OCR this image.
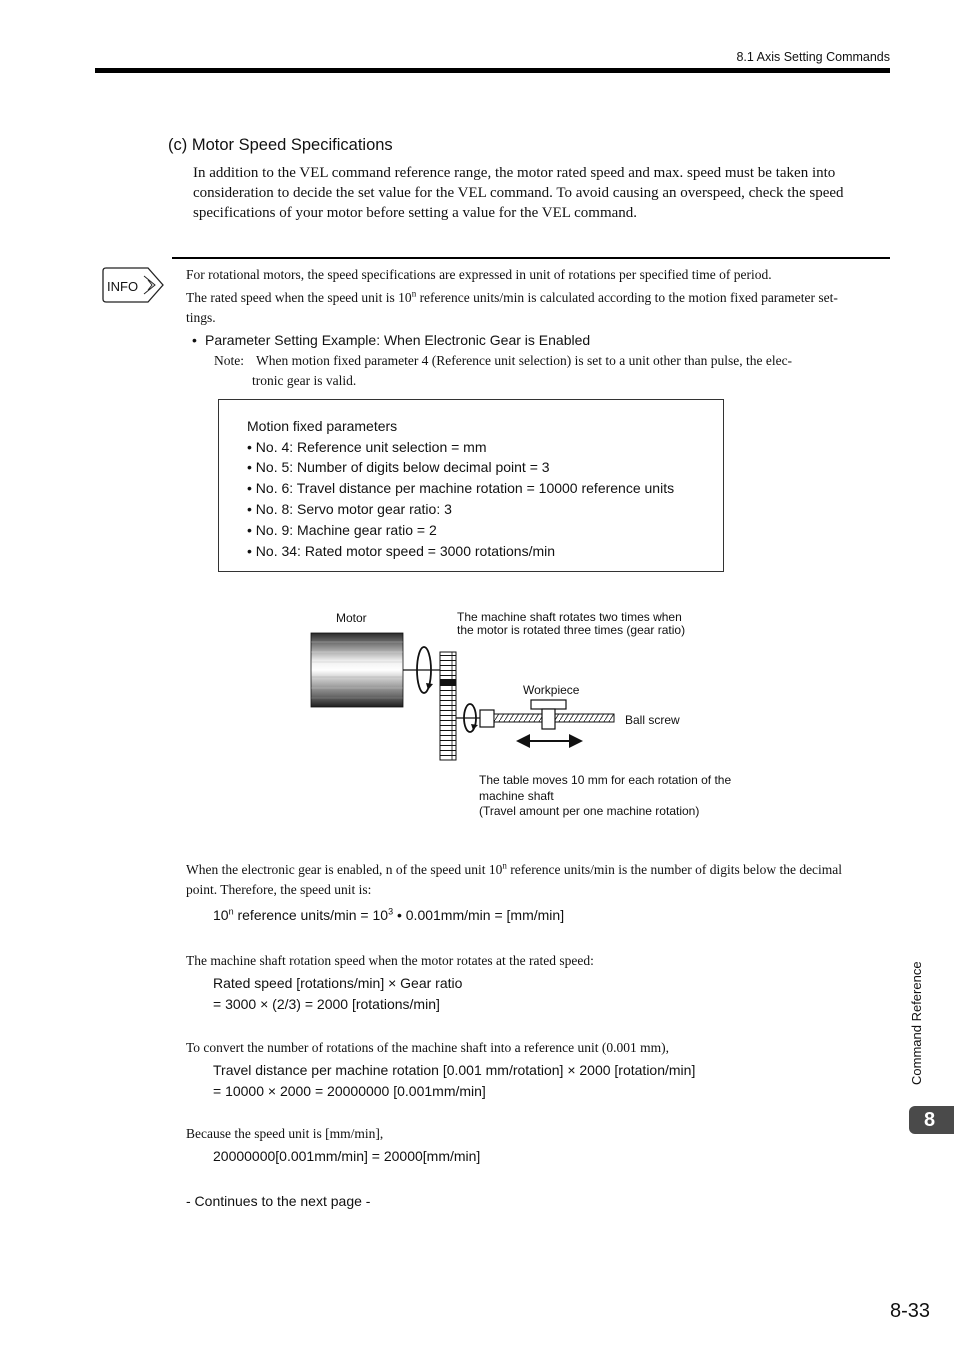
8.1 Axis Setting Commands
(c) Motor Speed Specifications
In addition to the VEL command reference range, the motor rated speed and max. speed must be taken into consideration to decide the set value for the VEL command. To avoid causing an overspeed, check the speed specifications of your motor before setting a value for the VEL command.
INFO
For rotational motors, the speed specifications are expressed in unit of rotations per specified time of period.
The rated speed when the speed unit is 10$^n$ reference units/min is calculated according to the motion fixed parameter set-
tings.
• Parameter Setting Example: When Electronic Gear is Enabled
Note: When motion fixed parameter 4 (Reference unit selection) is set to a unit other than pulse, the elec-
tronic gear is valid.
Motion fixed parameters
• No. 4: Reference unit selection = mm
• No. 5: Number of digits below decimal point = 3
• No. 6: Travel distance per machine rotation = 10000 reference units
• No. 8: Servo motor gear ratio: 3
• No. 9: Machine gear ratio = 2
• No. 34: Rated motor speed = 3000 rotations/min
Motor	The machine shaft rotates two times when
the motor is rotated three times (gear ratio)
Workpiece
Ball screw
The table moves 10 mm for each rotation of the
machine shaft
(Travel amount per one machine rotation)
When the electronic gear is enabled, n of the speed unit 10$^n$ reference units/min is the number of digits below the decimal
point. Therefore, the speed unit is:
10$^n$ reference units/min = $10^3$ • 0.001mm/min = [mm/min]
The machine shaft rotation speed when the motor rotates at the rated speed:
Rated speed [rotations/min] × Gear ratio
= 3000 × (2/3) = 2000 [rotations/min]
To convert the number of rotations of the machine shaft into a reference unit (0.001 mm),
Travel distance per machine rotation [0.001 mm/rotation] × 2000 [rotation/min]
= 10000 × 2000 = 20000000 [0.001mm/min]
Because the speed unit is [mm/min],
20000000[0.001mm/min] = 20000[mm/min]
- Continues to the next page -
Command Reference
8
8-33
